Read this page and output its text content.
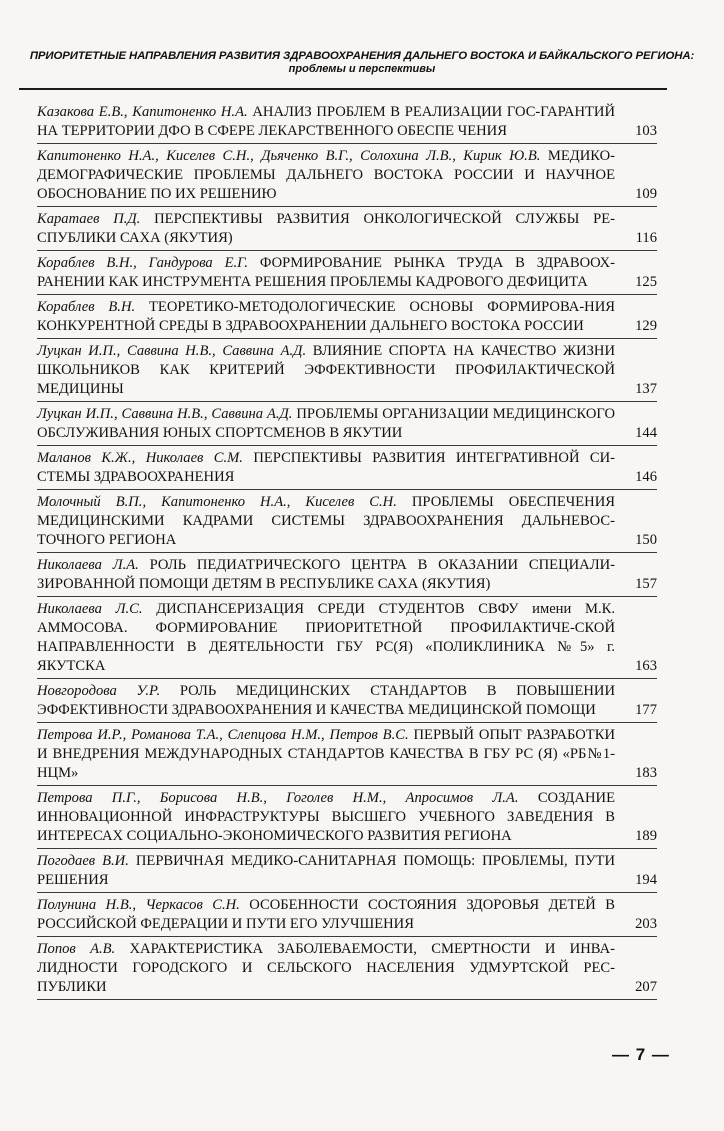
ПРИОРИТЕТНЫЕ НАПРАВЛЕНИЯ РАЗВИТИЯ ЗДРАВООХРАНЕНИЯ ДАЛЬНЕГО ВОСТОКА И БАЙКАЛЬСКОГО РЕГИОНА:
проблемы и перспективы
Казакова Е.В., Капитоненко Н.А. АНАЛИЗ ПРОБЛЕМ В РЕАЛИЗАЦИИ ГОС-ГАРАНТИЙ НА ТЕРРИТОРИИ ДФО В СФЕРЕ ЛЕКАРСТВЕННОГО ОБЕСПЕ ЧЕНИЯ	103
Капитоненко Н.А., Киселев С.Н., Дьяченко В.Г., Солохина Л.В., Кирик Ю.В. МЕДИКО-ДЕМОГРАФИЧЕСКИЕ ПРОБЛЕМЫ ДАЛЬНЕГО ВОСТОКА РОССИИ И НАУЧНОЕ ОБОСНОВАНИЕ ПО ИХ РЕШЕНИЮ	109
Каратаев П.Д. ПЕРСПЕКТИВЫ РАЗВИТИЯ ОНКОЛОГИЧЕСКОЙ СЛУЖБЫ РЕ-СПУБЛИКИ САХА (ЯКУТИЯ)	116
Кораблев В.Н., Гандурова Е.Г. ФОРМИРОВАНИЕ РЫНКА ТРУДА В ЗДРАВООХ-РАНЕНИИ КАК ИНСТРУМЕНТА РЕШЕНИЯ ПРОБЛЕМЫ КАДРОВОГО ДЕФИЦИТА	125
Кораблев В.Н. ТЕОРЕТИКО-МЕТОДОЛОГИЧЕСКИЕ ОСНОВЫ ФОРМИРОВА-НИЯ КОНКУРЕНТНОЙ СРЕДЫ В ЗДРАВООХРАНЕНИИ ДАЛЬНЕГО ВОСТОКА РОССИИ	129
Луцкан И.П., Саввина Н.В., Саввина А.Д. ВЛИЯНИЕ СПОРТА НА КАЧЕСТВО ЖИЗНИ ШКОЛЬНИКОВ КАК КРИТЕРИЙ ЭФФЕКТИВНОСТИ ПРОФИЛАКТИЧЕСКОЙ МЕДИЦИНЫ	137
Луцкан И.П., Саввина Н.В., Саввина А.Д. ПРОБЛЕМЫ ОРГАНИЗАЦИИ МЕДИЦИНСКОГО ОБСЛУЖИВАНИЯ ЮНЫХ СПОРТСМЕНОВ В ЯКУТИИ	144
Маланов К.Ж., Николаев С.М. ПЕРСПЕКТИВЫ РАЗВИТИЯ ИНТЕГРАТИВНОЙ СИ-СТЕМЫ ЗДРАВООХРАНЕНИЯ	146
Молочный В.П., Капитоненко Н.А., Киселев С.Н. ПРОБЛЕМЫ ОБЕСПЕЧЕНИЯ МЕДИЦИНСКИМИ КАДРАМИ СИСТЕМЫ ЗДРАВООХРАНЕНИЯ ДАЛЬНЕВОС-ТОЧНОГО РЕГИОНА	150
Николаева Л.А. РОЛЬ ПЕДИАТРИЧЕСКОГО ЦЕНТРА В ОКАЗАНИИ СПЕЦИАЛИ-ЗИРОВАННОЙ ПОМОЩИ ДЕТЯМ В РЕСПУБЛИКЕ САХА (ЯКУТИЯ)	157
Николаева Л.С. ДИСПАНСЕРИЗАЦИЯ СРЕДИ СТУДЕНТОВ СВФУ имени М.К. АММОСОВА. ФОРМИРОВАНИЕ ПРИОРИТЕТНОЙ ПРОФИЛАКТИЧЕ-СКОЙ НАПРАВЛЕННОСТИ В ДЕЯТЕЛЬНОСТИ ГБУ РС(Я) «ПОЛИКЛИНИКА №5» г. ЯКУТСКА	163
Новгородова У.Р. РОЛЬ МЕДИЦИНСКИХ СТАНДАРТОВ В ПОВЫШЕНИИ ЭФФЕКТИВНОСТИ ЗДРАВООХРАНЕНИЯ И КАЧЕСТВА МЕДИЦИНСКОЙ ПОМОЩИ	177
Петрова И.Р., Романова Т.А., Слепцова Н.М., Петров В.С. ПЕРВЫЙ ОПЫТ РАЗРАБОТКИ И ВНЕДРЕНИЯ МЕЖДУНАРОДНЫХ СТАНДАРТОВ КАЧЕСТВА В ГБУ РС (Я) «РБ№1-НЦМ»	183
Петрова П.Г., Борисова Н.В., Гоголев Н.М., Апросимов Л.А. СОЗДАНИЕ ИННОВАЦИОННОЙ ИНФРАСТРУКТУРЫ ВЫСШЕГО УЧЕБНОГО ЗАВЕДЕНИЯ В ИНТЕРЕСАХ СОЦИАЛЬНО-ЭКОНОМИЧЕСКОГО РАЗВИТИЯ РЕГИОНА	189
Погодаев В.И. ПЕРВИЧНАЯ МЕДИКО-САНИТАРНАЯ ПОМОЩЬ: ПРОБЛЕМЫ, ПУТИ РЕШЕНИЯ	194
Полунина Н.В., Черкасов С.Н. ОСОБЕННОСТИ СОСТОЯНИЯ ЗДОРОВЬЯ ДЕТЕЙ В РОССИЙСКОЙ ФЕДЕРАЦИИ И ПУТИ ЕГО УЛУЧШЕНИЯ	203
Попов А.В. ХАРАКТЕРИСТИКА ЗАБОЛЕВАЕМОСТИ, СМЕРТНОСТИ И ИНВА-ЛИДНОСТИ ГОРОДСКОГО И СЕЛЬСКОГО НАСЕЛЕНИЯ УДМУРТСКОЙ РЕС-ПУБЛИКИ	207
— 7 —
